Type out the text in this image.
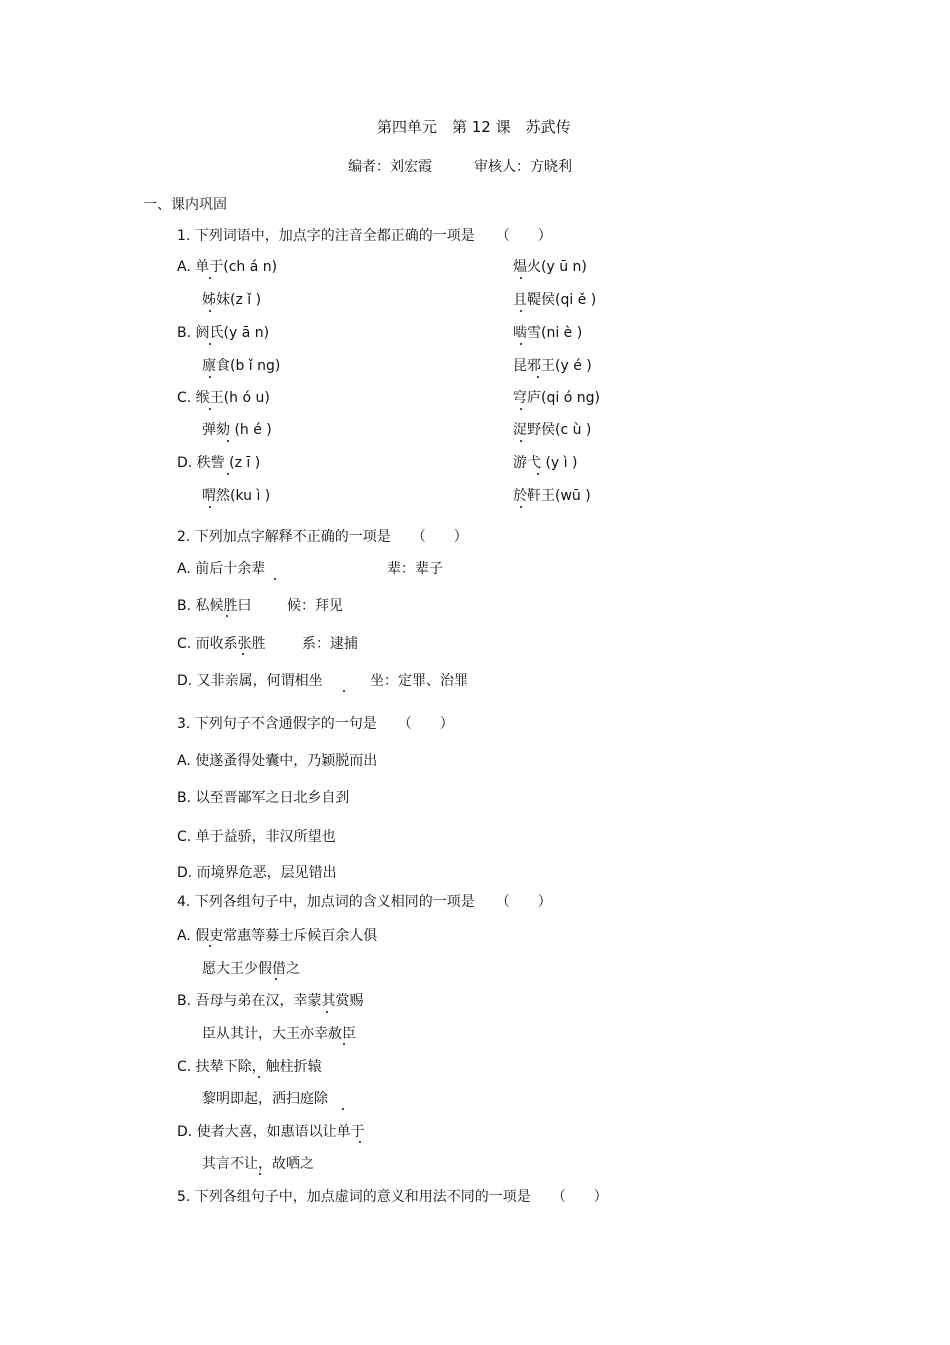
第四单元　第 12 课　苏武传
编者：刘宏霞　　　审核人：方晓利
一、课内巩固
1. 下列词语中，加点字的注音全都正确的一项是　　（　　）
A. 单于(ch á n)	煴火(y ū n)
姊妹(z ǐ )	且鞮侯(qi ě )
B. 阏氏(y ā n)	啮雪(ni è )
廪食(b ǐ ng)	昆邪王(y é )
C. 缑王(h ó u)	穹庐(qi ó ng)
弹劾 (h é )	浞野侯(c ù )
D. 秩訾 (z ī )	游弋 (y ì )
喟然(ku ì )	於靬王(wū )
2. 下列加点字解释不正确的一项是　　（　　）
A. 前后十余辈	辈：辈子
B. 私候胜曰	候：拜见
C. 而收系张胜	系：逮捕
D. 又非亲属，何谓相坐	坐：定罪、治罪
3. 下列句子不含通假字的一句是　　（　　）
A. 使遂蚤得处囊中，乃颖脱而出
B. 以至晋鄙军之日北乡自刭
C. 单于益骄，非汉所望也
D. 而境界危恶，层见错出
4. 下列各组句子中，加点词的含义相同的一项是　　（　　）
A. 假吏常惠等募士斥候百余人俱
愿大王少假借之
B. 吾母与弟在汉，幸蒙其赏赐
臣从其计，大王亦幸赦臣
C. 扶辇下除，触柱折辕
黎明即起，洒扫庭除
D. 使者大喜，如惠语以让单于
其言不让，故哂之
5. 下列各组句子中，加点虚词的意义和用法不同的一项是　　（　　）
